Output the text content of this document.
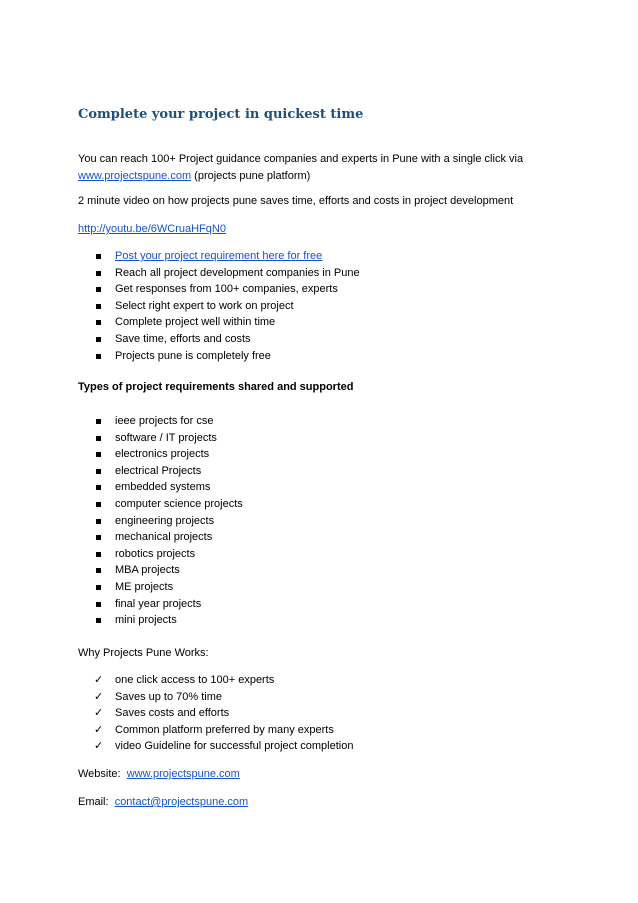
Complete your project in quickest time

You can reach 100+ Project guidance companies and experts in Pune with a single click via
www.projectspune.com (projects pune platform)

2 minute video on how projects pune saves time, efforts and costs in project development

http://youtu.be/6WCruaHFqN0

Post your project requirement here for free
Reach all project development companies in Pune
Get responses from 100+ companies, experts
Select right expert to work on project
Complete project well within time
Save time, efforts and costs
Projects pune is completely free

Types of project requirements shared and supported

ieee projects for cse
software / IT projects
electronics projects
electrical Projects
embedded systems
computer science projects
engineering projects
mechanical projects
robotics projects
MBA projects
ME projects
final year projects
mini projects

Why Projects Pune Works:

✓ one click access to 100+ experts
✓ Saves up to 70% time
✓ Saves costs and efforts
✓ Common platform preferred by many experts
✓ video Guideline for successful project completion

Website: www.projectspune.com

Email: contact@projectspune.com
